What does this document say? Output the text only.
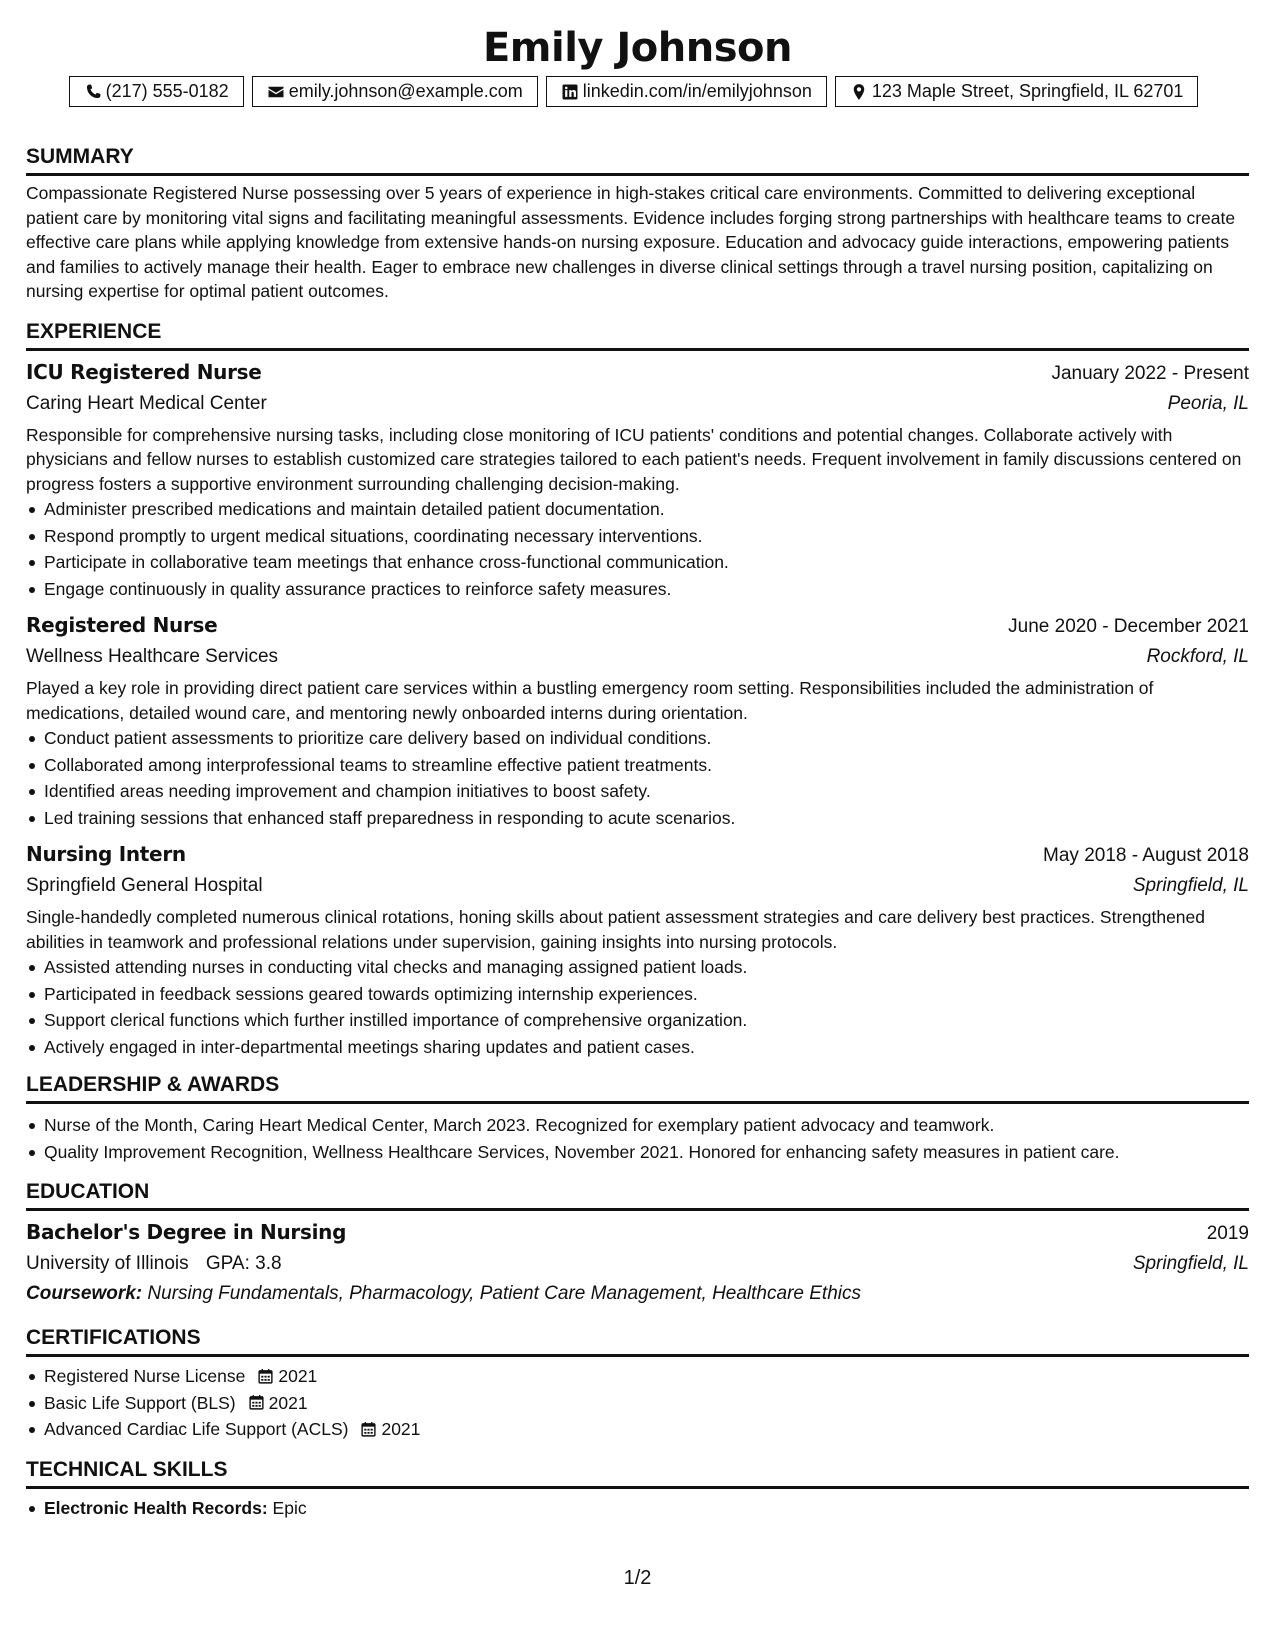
Emily Johnson
(217) 555-0182	emily.johnson@example.com	linkedin.com/in/emilyjohnson	123 Maple Street, Springfield, IL 62701
SUMMARY
Compassionate Registered Nurse possessing over 5 years of experience in high-stakes critical care environments. Committed to delivering exceptional patient care by monitoring vital signs and facilitating meaningful assessments. Evidence includes forging strong partnerships with healthcare teams to create effective care plans while applying knowledge from extensive hands-on nursing exposure. Education and advocacy guide interactions, empowering patients and families to actively manage their health. Eager to embrace new challenges in diverse clinical settings through a travel nursing position, capitalizing on nursing expertise for optimal patient outcomes.
EXPERIENCE
ICU Registered Nurse	January 2022 - Present
Caring Heart Medical Center	Peoria, IL
Responsible for comprehensive nursing tasks, including close monitoring of ICU patients' conditions and potential changes. Collaborate actively with physicians and fellow nurses to establish customized care strategies tailored to each patient's needs. Frequent involvement in family discussions centered on progress fosters a supportive environment surrounding challenging decision-making.
Administer prescribed medications and maintain detailed patient documentation.
Respond promptly to urgent medical situations, coordinating necessary interventions.
Participate in collaborative team meetings that enhance cross-functional communication.
Engage continuously in quality assurance practices to reinforce safety measures.
Registered Nurse	June 2020 - December 2021
Wellness Healthcare Services	Rockford, IL
Played a key role in providing direct patient care services within a bustling emergency room setting. Responsibilities included the administration of medications, detailed wound care, and mentoring newly onboarded interns during orientation.
Conduct patient assessments to prioritize care delivery based on individual conditions.
Collaborated among interprofessional teams to streamline effective patient treatments.
Identified areas needing improvement and champion initiatives to boost safety.
Led training sessions that enhanced staff preparedness in responding to acute scenarios.
Nursing Intern	May 2018 - August 2018
Springfield General Hospital	Springfield, IL
Single-handedly completed numerous clinical rotations, honing skills about patient assessment strategies and care delivery best practices. Strengthened abilities in teamwork and professional relations under supervision, gaining insights into nursing protocols.
Assisted attending nurses in conducting vital checks and managing assigned patient loads.
Participated in feedback sessions geared towards optimizing internship experiences.
Support clerical functions which further instilled importance of comprehensive organization.
Actively engaged in inter-departmental meetings sharing updates and patient cases.
LEADERSHIP & AWARDS
Nurse of the Month, Caring Heart Medical Center, March 2023. Recognized for exemplary patient advocacy and teamwork.
Quality Improvement Recognition, Wellness Healthcare Services, November 2021. Honored for enhancing safety measures in patient care.
EDUCATION
Bachelor's Degree in Nursing	2019
University of Illinois GPA: 3.8	Springfield, IL
Coursework: Nursing Fundamentals, Pharmacology, Patient Care Management, Healthcare Ethics
CERTIFICATIONS
Registered Nurse License 2021
Basic Life Support (BLS) 2021
Advanced Cardiac Life Support (ACLS) 2021
TECHNICAL SKILLS
Electronic Health Records: Epic
1/2
